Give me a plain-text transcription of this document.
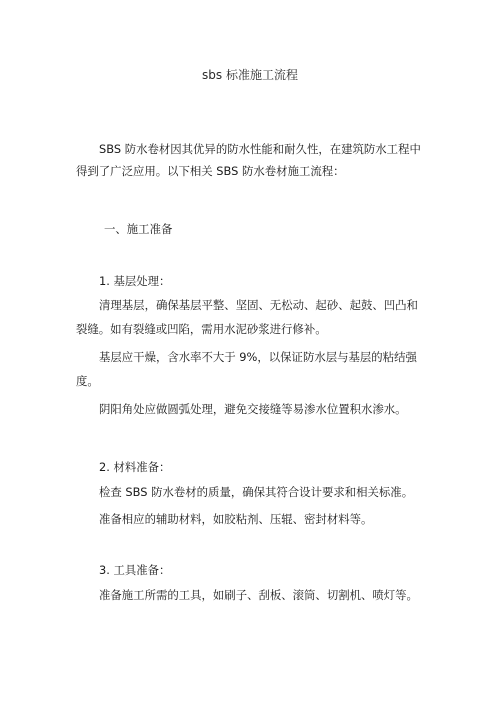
sbs 标准施工流程
SBS 防水卷材因其优异的防水性能和耐久性，在建筑防水工程中
得到了广泛应用。以下相关 SBS 防水卷材施工流程：
一、施工准备
1. 基层处理：
清理基层，确保基层平整、坚固、无松动、起砂、起鼓、凹凸和
裂缝。如有裂缝或凹陷，需用水泥砂浆进行修补。
基层应干燥，含水率不大于 9%，以保证防水层与基层的粘结强
度。
阴阳角处应做圆弧处理，避免交接缝等易渗水位置积水渗水。
2. 材料准备：
检查 SBS 防水卷材的质量，确保其符合设计要求和相关标准。
准备相应的辅助材料，如胶粘剂、压辊、密封材料等。
3. 工具准备：
准备施工所需的工具，如刷子、刮板、滚筒、切割机、喷灯等。
